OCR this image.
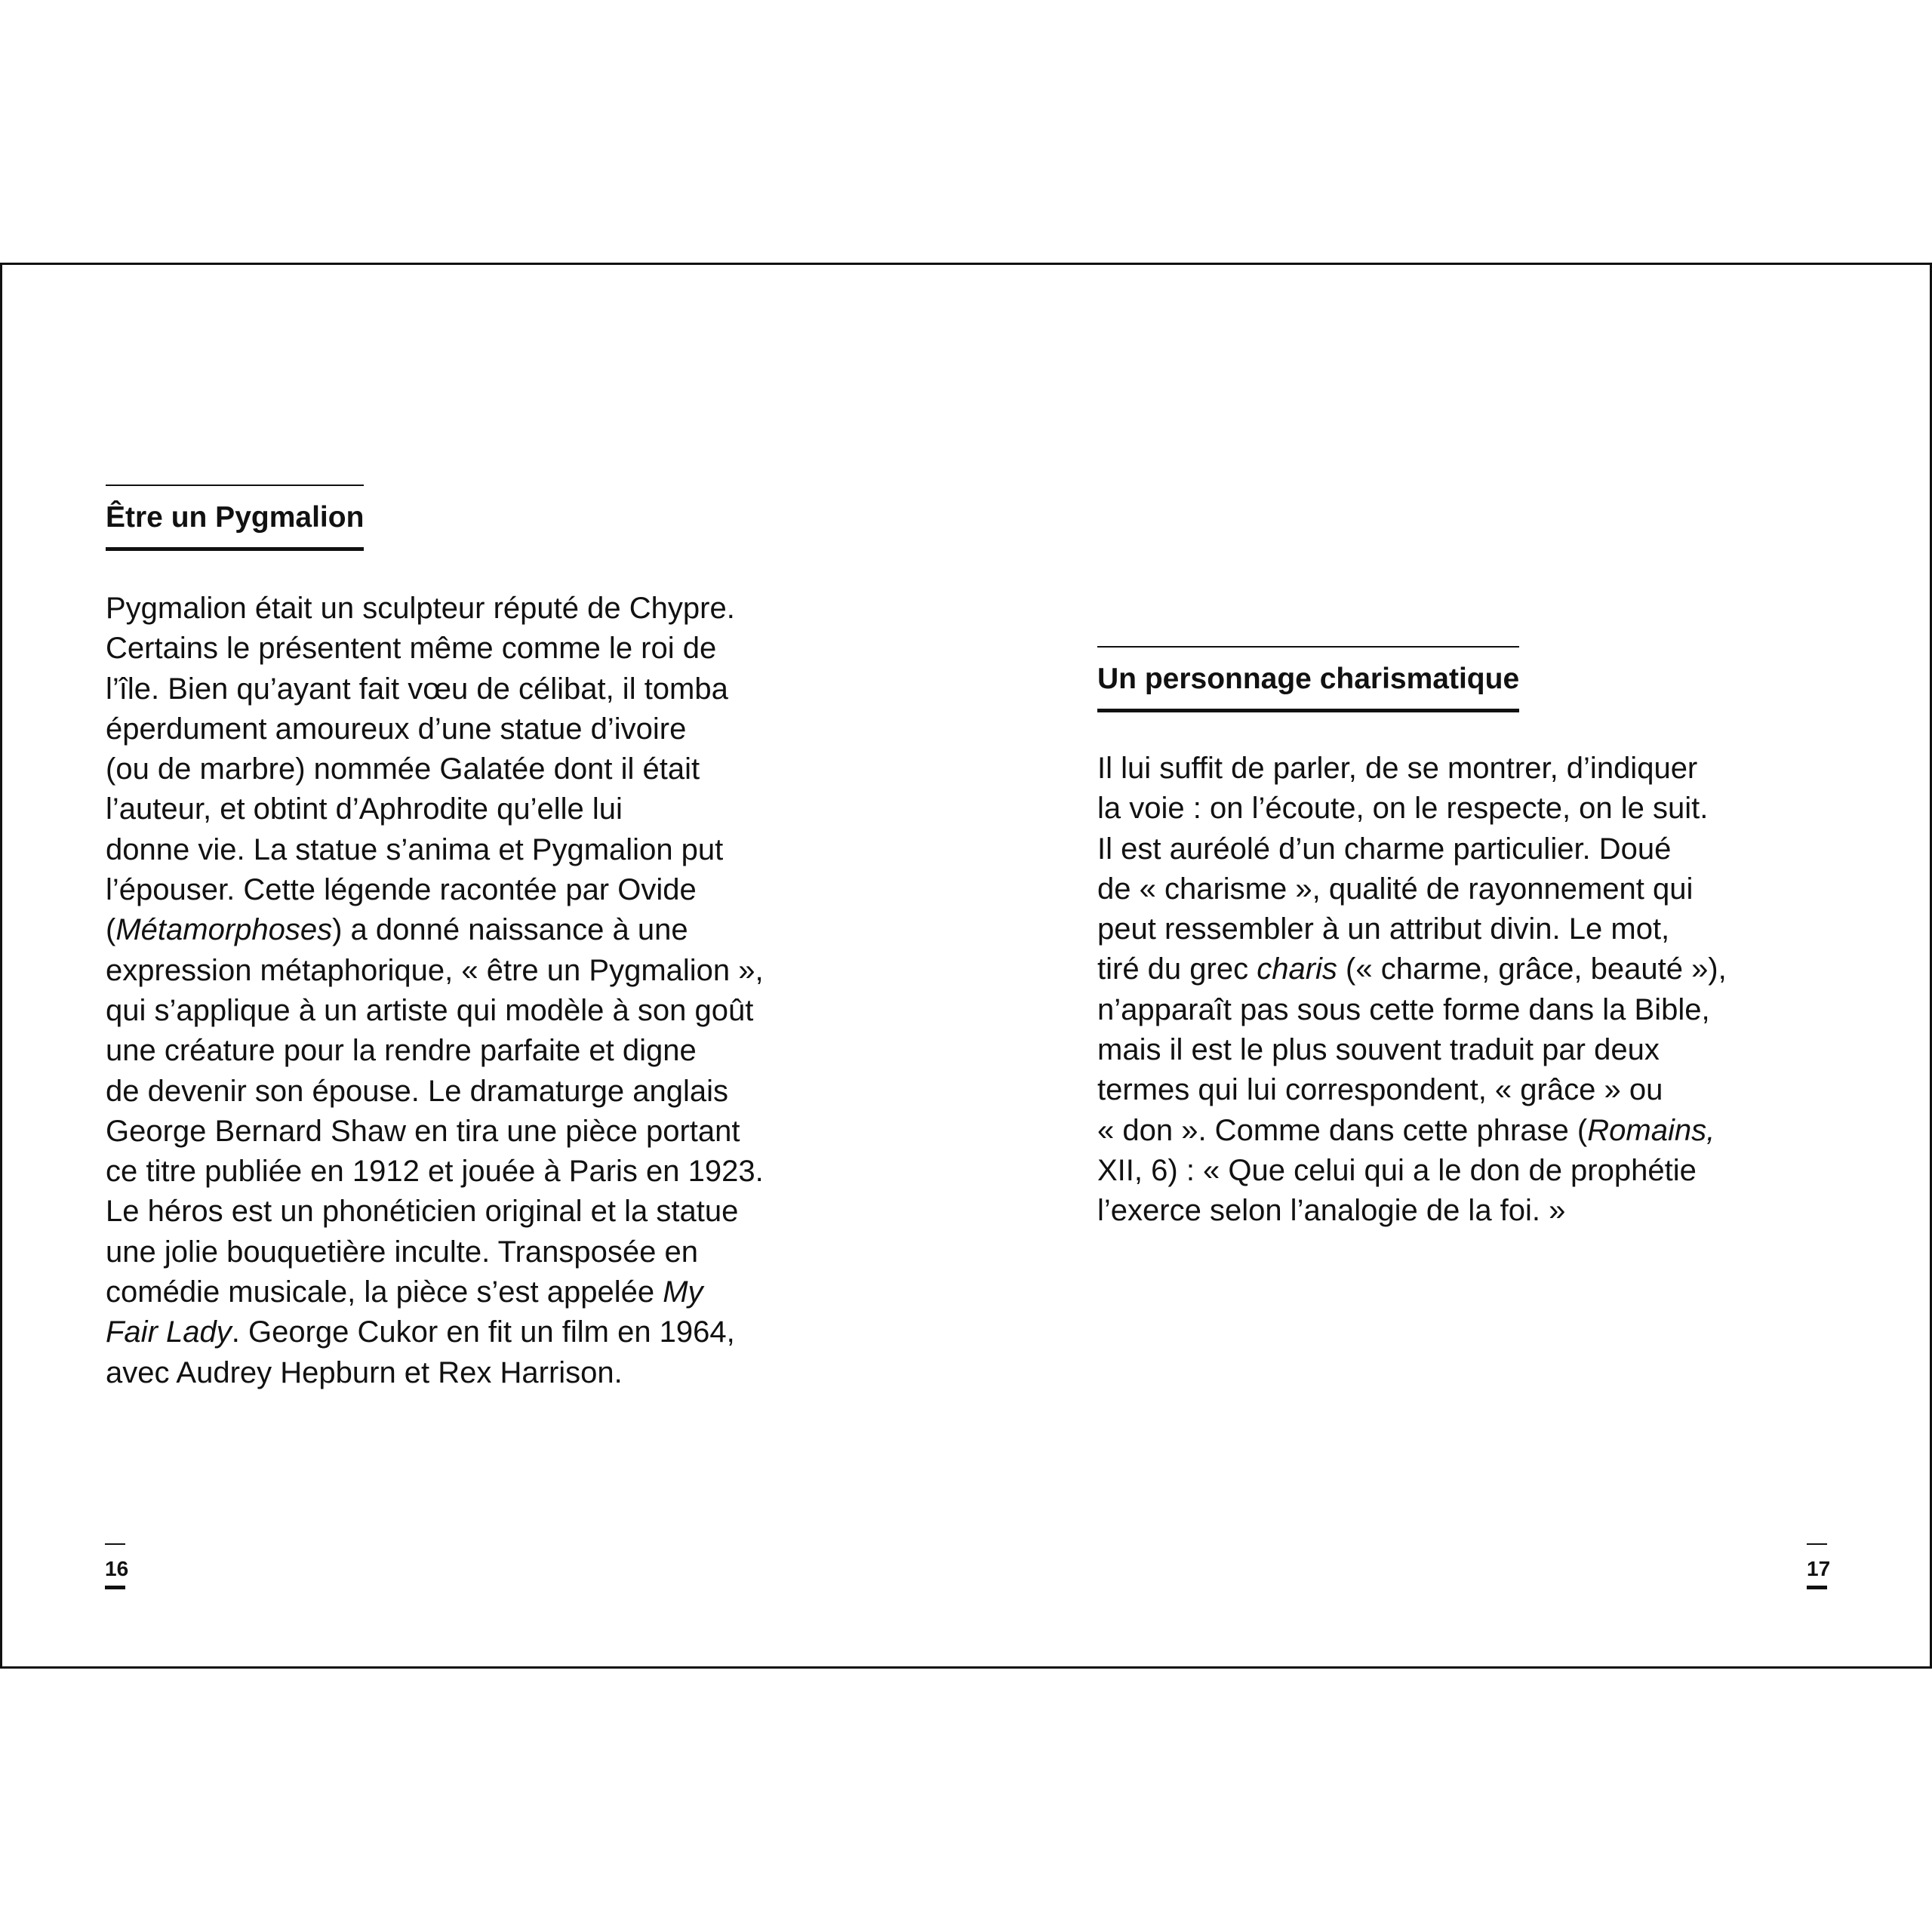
Être un Pygmalion

Pygmalion était un sculpteur réputé de Chypre.

Certains le présentent même comme le roi de

l’île. Bien qu’ayant fait vœu de célibat, il tomba

éperdument amoureux d’une statue d’ivoire

(ou de marbre) nommée Galatée dont il était

l’auteur, et obtint d’Aphrodite qu’elle lui

donne vie. La statue s’anima et Pygmalion put

l’épouser. Cette légende racontée par Ovide

(Métamorphoses) a donné naissance à une

expression métaphorique, « être un Pygmalion »,

qui s’applique à un artiste qui modèle à son goût

une créature pour la rendre parfaite et digne

de devenir son épouse. Le dramaturge anglais

George Bernard Shaw en tira une pièce portant

ce titre publiée en 1912 et jouée à Paris en 1923.

Le héros est un phonéticien original et la statue

une jolie bouquetière inculte. Transposée en

comédie musicale, la pièce s’est appelée My

Fair Lady. George Cukor en fit un film en 1964,

avec Audrey Hepburn et Rex Harrison.

Un personnage charismatique

Il lui suffit de parler, de se montrer, d’indiquer

la voie : on l’écoute, on le respecte, on le suit.

Il est auréolé d’un charme particulier. Doué

de « charisme », qualité de rayonnement qui

peut ressembler à un attribut divin. Le mot,

tiré du grec charis (« charme, grâce, beauté »),

n’apparaît pas sous cette forme dans la Bible,

mais il est le plus souvent traduit par deux

termes qui lui correspondent, « grâce » ou

« don ». Comme dans cette phrase (Romains,

XII, 6) : « Que celui qui a le don de prophétie

l’exerce selon l’analogie de la foi. »

16	17
